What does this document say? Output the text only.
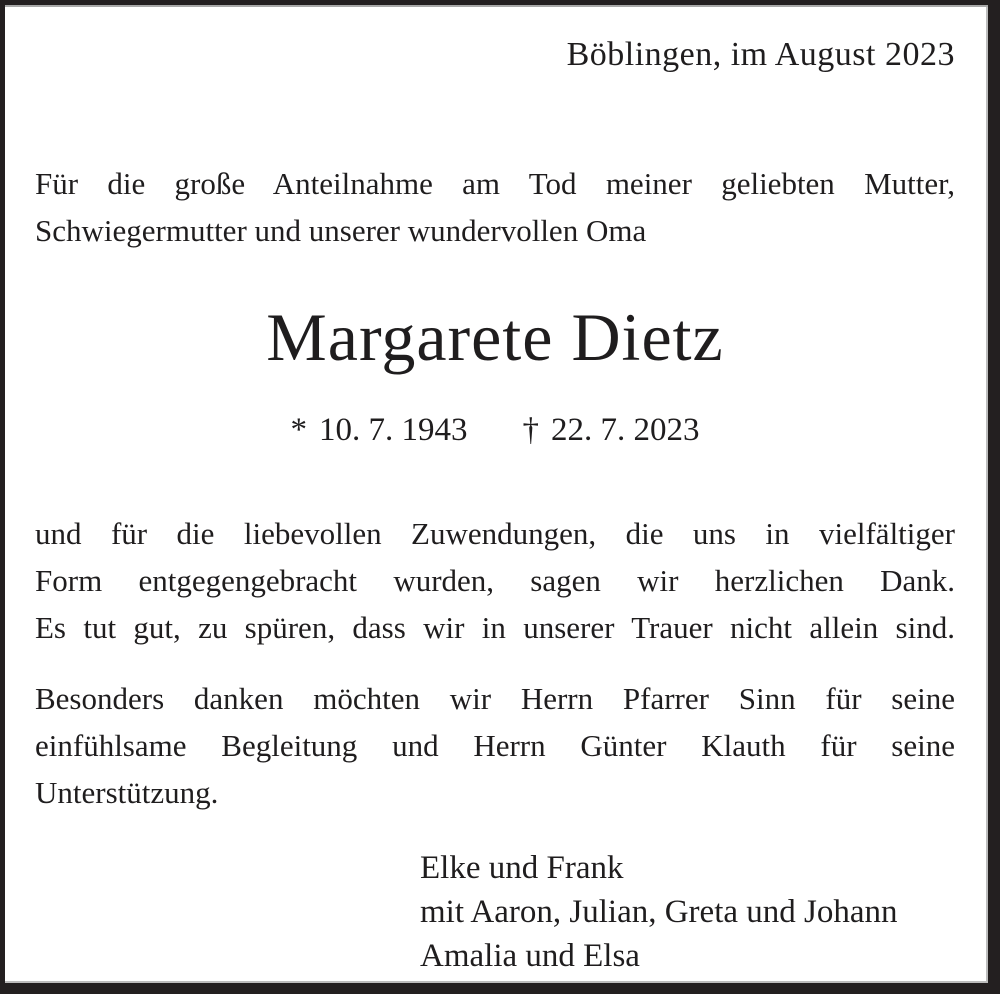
Böblingen, im August 2023
Für die große Anteilnahme am Tod meiner geliebten Mutter,
Schwiegermutter und unserer wundervollen Oma
Margarete Dietz
* 10. 7. 1943 † 22. 7. 2023
und für die liebevollen Zuwendungen, die uns in vielfältiger
Form entgegengebracht wurden, sagen wir herzlichen Dank.
Es tut gut, zu spüren, dass wir in unserer Trauer nicht allein sind.
Besonders danken möchten wir Herrn Pfarrer Sinn für seine
einfühlsame Begleitung und Herrn Günter Klauth für seine
Unterstützung.
Elke und Frank
mit Aaron, Julian, Greta und Johann
Amalia und Elsa
